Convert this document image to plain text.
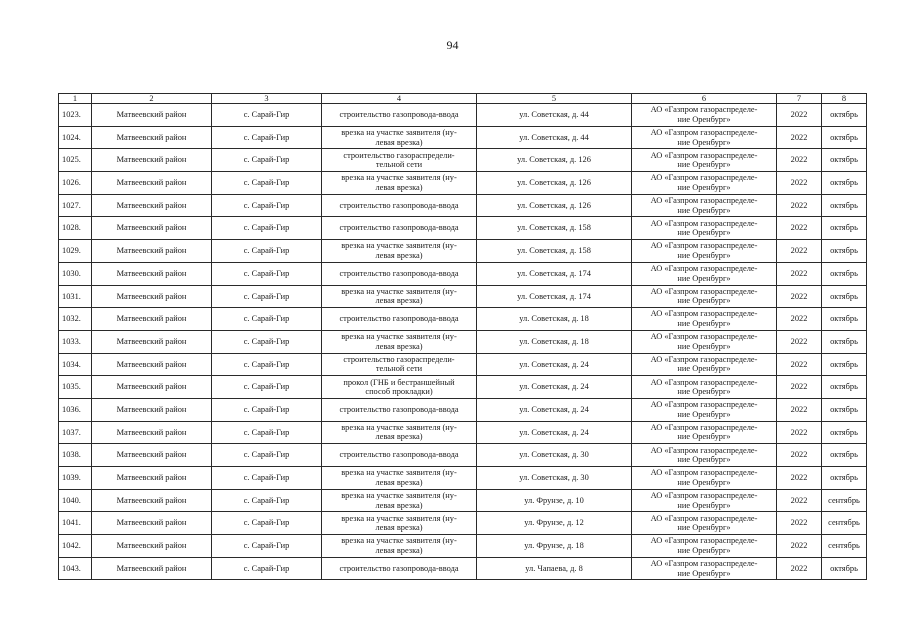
94
1	2	3	4	5	6	7	8
1023.	Матвеевский район	с. Сарай-Гир	строительство газопровода-ввода	ул. Советская, д. 44	АО «Газпром газораспределе-
ние Оренбург»	2022	октябрь
1024.	Матвеевский район	с. Сарай-Гир	врезка на участке заявителя (ну-
левая врезка)	ул. Советская, д. 44	АО «Газпром газораспределе-
ние Оренбург»	2022	октябрь
1025.	Матвеевский район	с. Сарай-Гир	строительство газораспредели-
тельной сети	ул. Советская, д. 126	АО «Газпром газораспределе-
ние Оренбург»	2022	октябрь
1026.	Матвеевский район	с. Сарай-Гир	врезка на участке заявителя (ну-
левая врезка)	ул. Советская, д. 126	АО «Газпром газораспределе-
ние Оренбург»	2022	октябрь
1027.	Матвеевский район	с. Сарай-Гир	строительство газопровода-ввода	ул. Советская, д. 126	АО «Газпром газораспределе-
ние Оренбург»	2022	октябрь
1028.	Матвеевский район	с. Сарай-Гир	строительство газопровода-ввода	ул. Советская, д. 158	АО «Газпром газораспределе-
ние Оренбург»	2022	октябрь
1029.	Матвеевский район	с. Сарай-Гир	врезка на участке заявителя (ну-
левая врезка)	ул. Советская, д. 158	АО «Газпром газораспределе-
ние Оренбург»	2022	октябрь
1030.	Матвеевский район	с. Сарай-Гир	строительство газопровода-ввода	ул. Советская, д. 174	АО «Газпром газораспределе-
ние Оренбург»	2022	октябрь
1031.	Матвеевский район	с. Сарай-Гир	врезка на участке заявителя (ну-
левая врезка)	ул. Советская, д. 174	АО «Газпром газораспределе-
ние Оренбург»	2022	октябрь
1032.	Матвеевский район	с. Сарай-Гир	строительство газопровода-ввода	ул. Советская, д. 18	АО «Газпром газораспределе-
ние Оренбург»	2022	октябрь
1033.	Матвеевский район	с. Сарай-Гир	врезка на участке заявителя (ну-
левая врезка)	ул. Советская, д. 18	АО «Газпром газораспределе-
ние Оренбург»	2022	октябрь
1034.	Матвеевский район	с. Сарай-Гир	строительство газораспредели-
тельной сети	ул. Советская, д. 24	АО «Газпром газораспределе-
ние Оренбург»	2022	октябрь
1035.	Матвеевский район	с. Сарай-Гир	прокол (ГНБ и бестраншейный
способ прокладки)	ул. Советская, д. 24	АО «Газпром газораспределе-
ние Оренбург»	2022	октябрь
1036.	Матвеевский район	с. Сарай-Гир	строительство газопровода-ввода	ул. Советская, д. 24	АО «Газпром газораспределе-
ние Оренбург»	2022	октябрь
1037.	Матвеевский район	с. Сарай-Гир	врезка на участке заявителя (ну-
левая врезка)	ул. Советская, д. 24	АО «Газпром газораспределе-
ние Оренбург»	2022	октябрь
1038.	Матвеевский район	с. Сарай-Гир	строительство газопровода-ввода	ул. Советская, д. 30	АО «Газпром газораспределе-
ние Оренбург»	2022	октябрь
1039.	Матвеевский район	с. Сарай-Гир	врезка на участке заявителя (ну-
левая врезка)	ул. Советская, д. 30	АО «Газпром газораспределе-
ние Оренбург»	2022	октябрь
1040.	Матвеевский район	с. Сарай-Гир	врезка на участке заявителя (ну-
левая врезка)	ул. Фрунзе, д. 10	АО «Газпром газораспределе-
ние Оренбург»	2022	сентябрь
1041.	Матвеевский район	с. Сарай-Гир	врезка на участке заявителя (ну-
левая врезка)	ул. Фрунзе, д. 12	АО «Газпром газораспределе-
ние Оренбург»	2022	сентябрь
1042.	Матвеевский район	с. Сарай-Гир	врезка на участке заявителя (ну-
левая врезка)	ул. Фрунзе, д. 18	АО «Газпром газораспределе-
ние Оренбург»	2022	сентябрь
1043.	Матвеевский район	с. Сарай-Гир	строительство газопровода-ввода	ул. Чапаева, д. 8	АО «Газпром газораспределе-
ние Оренбург»	2022	октябрь
